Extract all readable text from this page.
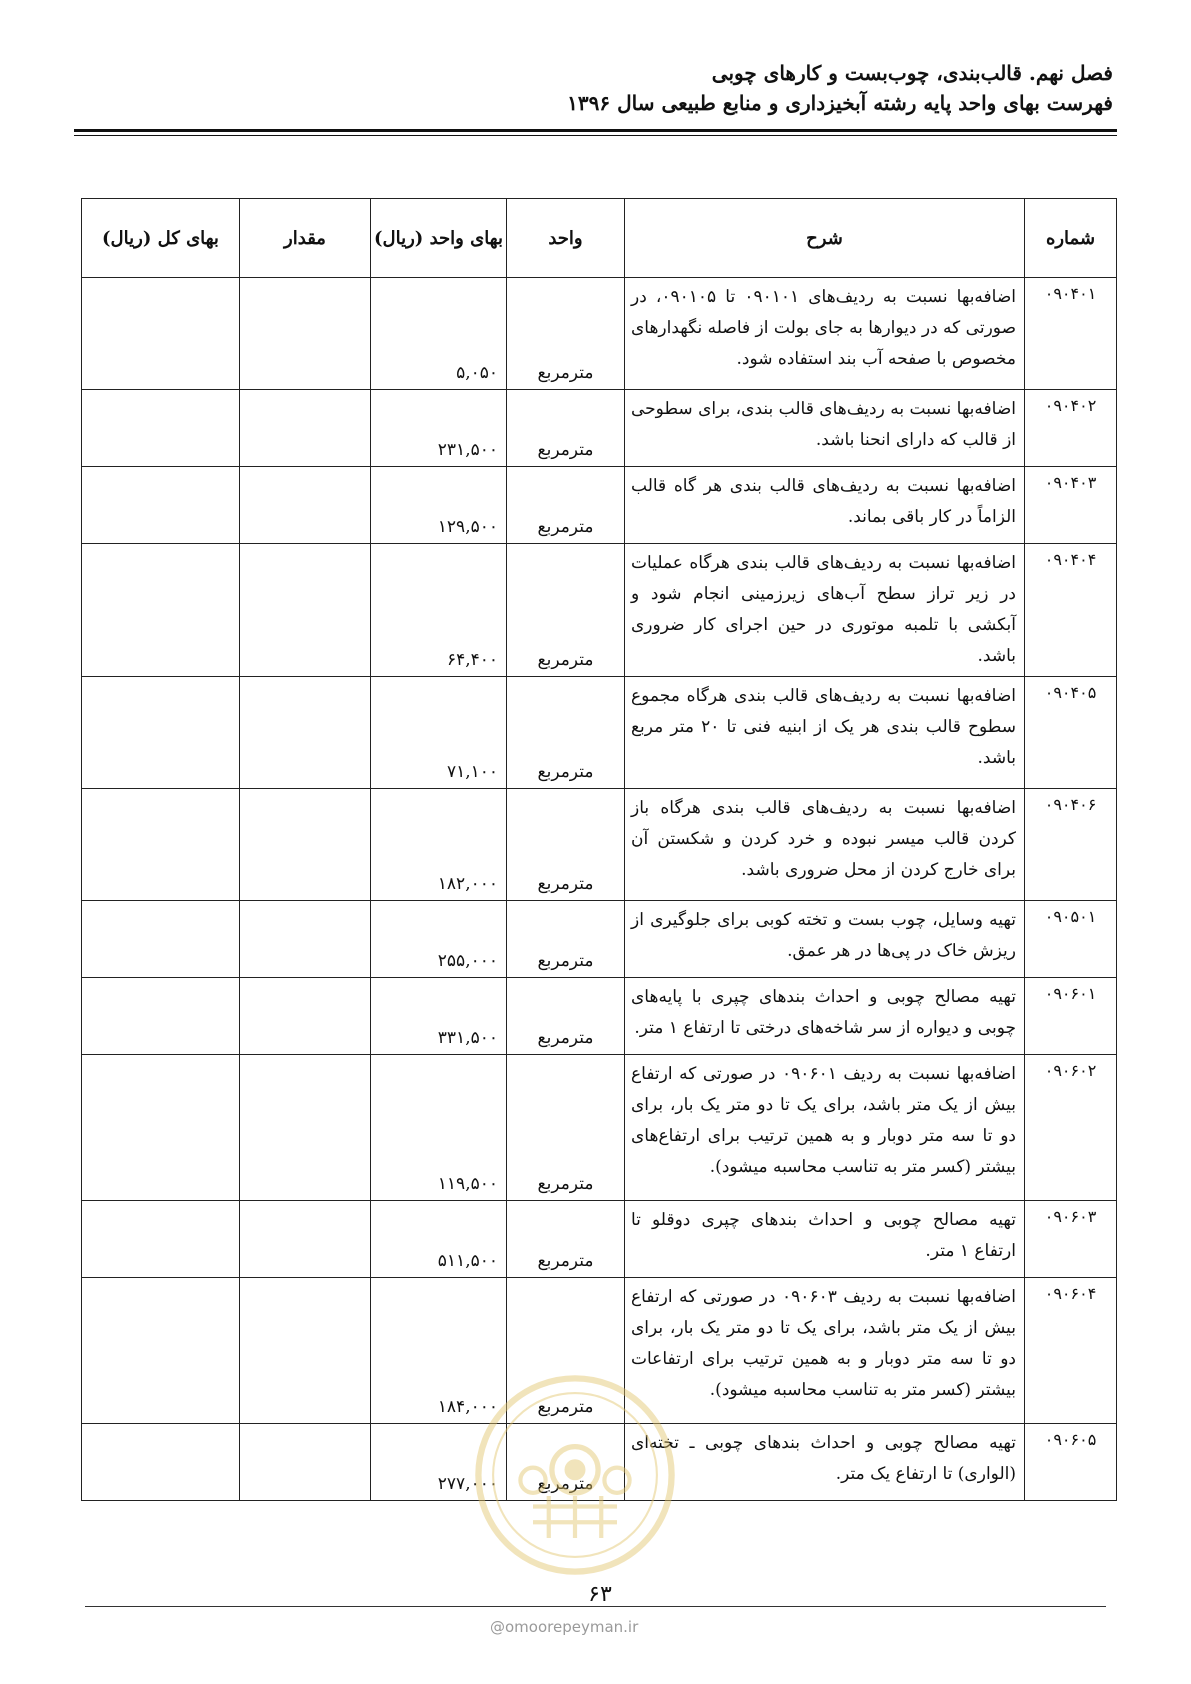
فصل نهم. قالب‌بندی، چوب‌بست و کارهای چوبی
فهرست بهای واحد پایه رشته آبخیزداری و منابع طبیعی سال ۱۳۹۶
شماره	شرح	واحد	بهای واحد (ریال)	مقدار	بهای کل (ریال)
۰۹۰۴۰۱	اضافه‌بها نسبت به ردیف‌های ۰۹۰۱۰۱ تا ۰۹۰۱۰۵، در صورتی که در دیوارها به جای بولت از فاصله نگهدارهای مخصوص با صفحه آب بند استفاده شود.	مترمربع	۵,۰۵۰		
۰۹۰۴۰۲	اضافه‌بها نسبت به ردیف‌های قالب بندی، برای سطوحی از قالب که دارای انحنا باشد.	مترمربع	۲۳۱,۵۰۰		
۰۹۰۴۰۳	اضافه‌بها نسبت به ردیف‌های قالب بندی هر گاه قالب الزاماً در کار باقی بماند.	مترمربع	۱۲۹,۵۰۰		
۰۹۰۴۰۴	اضافه‌بها نسبت به ردیف‌های قالب بندی هرگاه عملیات در زیر تراز سطح آب‌های زیرزمینی انجام شود و آبکشی با تلمبه موتوری در حین اجرای کار ضروری باشد.	مترمربع	۶۴,۴۰۰		
۰۹۰۴۰۵	اضافه‌بها نسبت به ردیف‌های قالب بندی هرگاه مجموع سطوح قالب بندی هر یک از ابنیه فنی تا ۲۰ متر مربع باشد.	مترمربع	۷۱,۱۰۰		
۰۹۰۴۰۶	اضافه‌بها نسبت به ردیف‌های قالب بندی هرگاه باز کردن قالب میسر نبوده و خرد کردن و شکستن آن برای خارج کردن از محل ضروری باشد.	مترمربع	۱۸۲,۰۰۰		
۰۹۰۵۰۱	تهیه وسایل، چوب بست و تخته کوبی برای جلوگیری از ریزش خاک در پی‌ها در هر عمق.	مترمربع	۲۵۵,۰۰۰		
۰۹۰۶۰۱	تهیه مصالح چوبی و احداث بندهای چپری با پایه‌های چوبی و دیواره از سر شاخه‌های درختی تا ارتفاع ۱ متر.	مترمربع	۳۳۱,۵۰۰		
۰۹۰۶۰۲	اضافه‌بها نسبت به ردیف ۰۹۰۶۰۱ در صورتی که ارتفاع بیش از یک متر باشد، برای یک تا دو متر یک بار، برای دو تا سه متر دوبار و به همین ترتیب برای ارتفاع‌های بیشتر (کسر متر به تناسب محاسبه میشود).	مترمربع	۱۱۹,۵۰۰		
۰۹۰۶۰۳	تهیه مصالح چوبی و احداث بندهای چپری دوقلو تا ارتفاع ۱ متر.	مترمربع	۵۱۱,۵۰۰		
۰۹۰۶۰۴	اضافه‌بها نسبت به ردیف ۰۹۰۶۰۳ در صورتی که ارتفاع بیش از یک متر باشد، برای یک تا دو متر یک بار، برای دو تا سه متر دوبار و به همین ترتیب برای ارتفاعات بیشتر (کسر متر به تناسب محاسبه میشود).	مترمربع	۱۸۴,۰۰۰		
۰۹۰۶۰۵	تهیه مصالح چوبی و احداث بندهای چوبی ـ تخته‌ای (الواری) تا ارتفاع یک متر.	مترمربع	۲۷۷,۰۰۰		
۶۳
@omoorepeyman.ir
